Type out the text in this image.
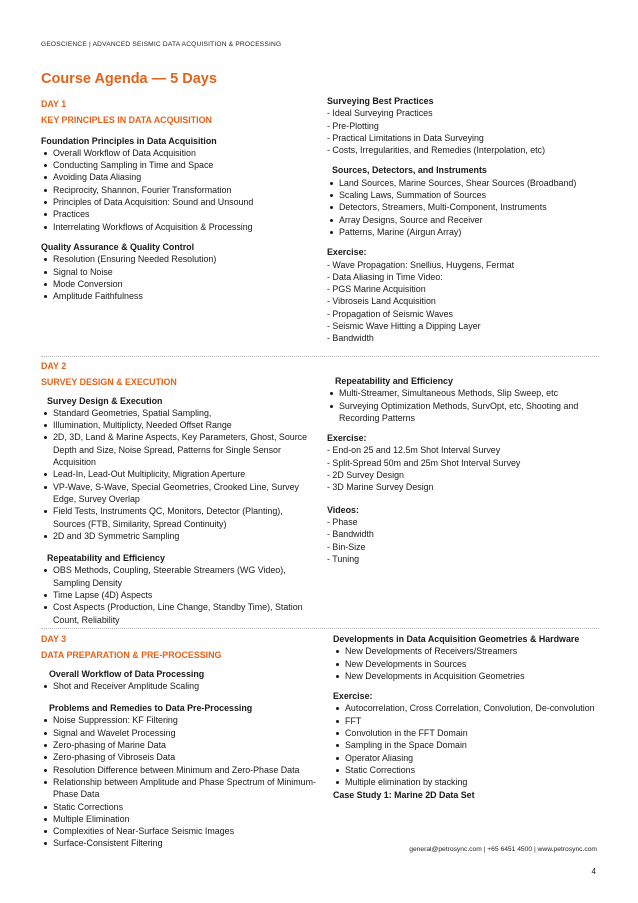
GEOSCIENCE | ADVANCED SEISMIC DATA ACQUISITION & PROCESSING
Course Agenda — 5 Days

DAY 1

KEY PRINCIPLES IN DATA ACQUISITION

Foundation Principles in Data Acquisition

Overall Workflow of Data Acquisition
Conducting Sampling in Time and Space
Avoiding Data Aliasing
Reciprocity, Shannon, Fourier Transformation
Principles of Data Acquisition: Sound and Unsound
Practices
Interrelating Workflows of Acquisition & Processing

Quality Assurance & Quality Control

Resolution (Ensuring Needed Resolution)
Signal to Noise
Mode Conversion
Amplitude Faithfulness

Surveying Best Practices

- Ideal Surveying Practices

- Pre-Plotting

- Practical Limitations in Data Surveying

- Costs, Irregularities, and Remedies (Interpolation, etc)

Sources, Detectors, and Instruments

Land Sources, Marine Sources, Shear Sources (Broadband)
Scaling Laws, Summation of Sources
Detectors, Streamers, Multi-Component, Instruments
Array Designs, Source and Receiver
Patterns, Marine (Airgun Array)

Exercise:

- Wave Propagation: Snellius, Huygens, Fermat

- Data Aliasing in Time Video:

- PGS Marine Acquisition

- Vibroseis Land Acquisition

- Propagation of Seismic Waves

- Seismic Wave Hitting a Dipping Layer

- Bandwidth

DAY 2

SURVEY DESIGN & EXECUTION

Survey Design & Execution

Standard Geometries, Spatial Sampling,
Illumination, Multiplicty, Needed Offset Range
2D, 3D, Land & Marine Aspects, Key Parameters, Ghost, Source Depth and Size, Noise Spread, Patterns for Single Sensor Acquisition
Lead-In, Lead-Out Multiplicity, Migration Aperture
VP-Wave, S-Wave, Special Geometries, Crooked Line, Survey Edge, Survey Overlap
Field Tests, Instruments QC, Monitors, Detector (Planting), Sources (FTB, Similarity, Spread Continuity)
2D and 3D Symmetric Sampling

Repeatability and Efficiency

OBS Methods, Coupling, Steerable Streamers (WG Video), Sampling Density
Time Lapse (4D) Aspects
Cost Aspects (Production, Line Change, Standby Time), Station Count, Reliability

Repeatability and Efficiency

Multi-Streamer, Simultaneous Methods, Slip Sweep, etc
Surveying Optimization Methods, SurvOpt, etc, Shooting and Recording Patterns

Exercise:

- End-on 25 and 12.5m Shot Interval Survey

- Split-Spread 50m and 25m Shot Interval Survey

- 2D Survey Design

- 3D Marine Survey Design

Videos:

- Phase

- Bandwidth

- Bin-Size

- Tuning

DAY 3

DATA PREPARATION & PRE-PROCESSING

Overall Workflow of Data Processing

Shot and Receiver Amplitude Scaling

Problems and Remedies to Data Pre-Processing

Noise Suppression: KF Filtering
Signal and Wavelet Processing
Zero-phasing of Marine Data
Zero-phasing of Vibroseis Data
Resolution Difference between Minimum and Zero-Phase Data
Relationship between Amplitude and Phase Spectrum of Minimum-Phase Data
Static Corrections
Multiple Elimination
Complexities of Near-Surface Seismic Images
Surface-Consistent Filtering

Developments in Data Acquisition Geometries & Hardware

New Developments of Receivers/Streamers
New Developments in Sources
New Developments in Acquisition Geometries

Exercise:

Autocorrelation, Cross Correlation, Convolution, De-convolution
FFT
Convolution in the FFT Domain
Sampling in the Space Domain
Operator Aliasing
Static Corrections
Multiple elimination by stacking

Case Study 1: Marine 2D Data Set

general@petrosync.com | +65 6451 4500 | www.petrosync.com
4
